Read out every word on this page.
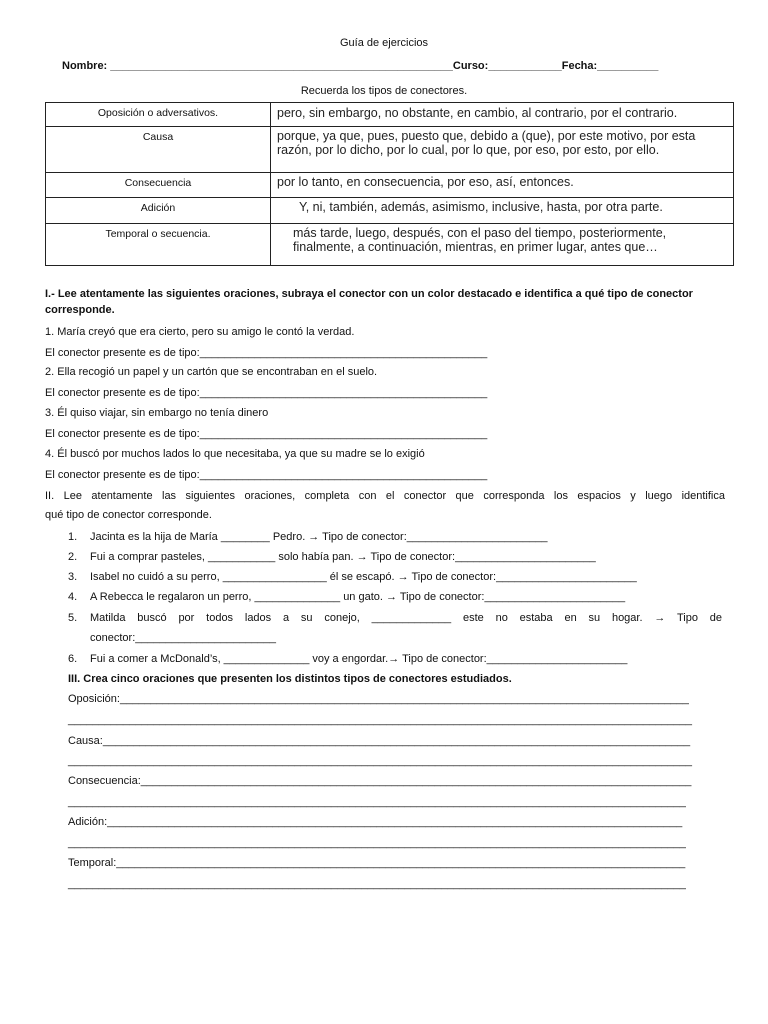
Guía de ejercicios
Nombre: ________________________________________________________Curso:____________Fecha:__________
Recuerda los tipos de conectores.
Oposición o adversativos.	pero, sin embargo, no obstante, en cambio, al contrario, por el contrario.
Causa	porque, ya que, pues, puesto que, debido a (que), por este motivo, por esta razón, por lo dicho, por lo cual, por lo que, por eso, por esto, por ello.
Consecuencia	por lo tanto, en consecuencia, por eso, así, entonces.
Adición	Y, ni, también, además, asimismo, inclusive, hasta, por otra parte.
Temporal o secuencia.	más tarde, luego, después, con el paso del tiempo, posteriormente, finalmente, a continuación, mientras, en primer lugar, antes que…
I.- Lee atentamente las siguientes oraciones, subraya el conector con un color destacado e identifica a qué tipo de conector
corresponde.
1. María creyó que era cierto, pero su amigo le contó la verdad.
El conector presente es de tipo:_______________________________________________
2. Ella recogió un papel y un cartón que se encontraban en el suelo.
El conector presente es de tipo:_______________________________________________
3. Él quiso viajar, sin embargo no tenía dinero
El conector presente es de tipo:_______________________________________________
4. Él buscó por muchos lados lo que necesitaba, ya que su madre se lo exigió
El conector presente es de tipo:_______________________________________________
II. Lee atentamente las siguientes oraciones, completa con el conector que corresponda los espacios y luego identifica
qué tipo de conector corresponde.
1. Jacinta es la hija de María ________ Pedro. → Tipo de conector:_______________________
2. Fui a comprar pasteles, ___________ solo había pan. → Tipo de conector:_______________________
3. Isabel no cuidó a su perro, _________________ él se escapó. → Tipo de conector:_______________________
4. A Rebecca le regalaron un perro, ______________ un gato. → Tipo de conector:_______________________
5. Matilda buscó por todos lados a su conejo, _____________ este no estaba en su hogar. → Tipo de
conector:_______________________
6. Fui a comer a McDonald’s, ______________ voy a engordar.→ Tipo de conector:_______________________
III. Crea cinco oraciones que presenten los distintos tipos de conectores estudiados.
Oposición:_____________________________________________________________________________________________
______________________________________________________________________________________________________
Causa:________________________________________________________________________________________________
______________________________________________________________________________________________________
Consecuencia:__________________________________________________________________________________________
_____________________________________________________________________________________________________
Adición:______________________________________________________________________________________________
_____________________________________________________________________________________________________
Temporal:_____________________________________________________________________________________________
_____________________________________________________________________________________________________
